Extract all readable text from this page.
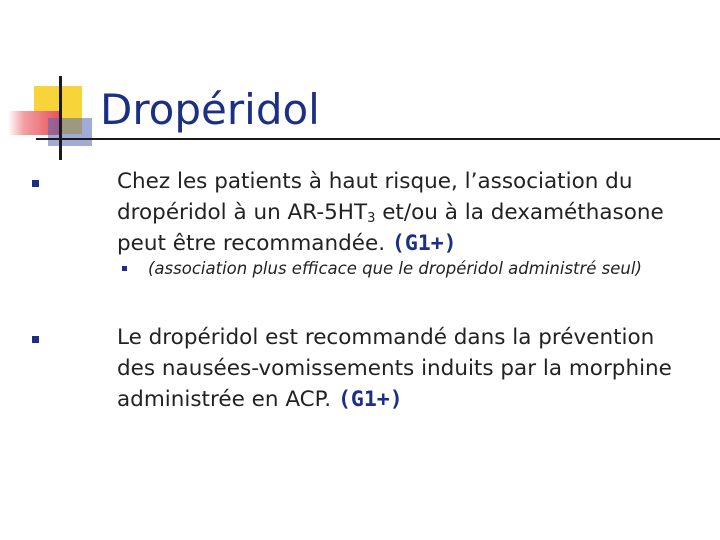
Dropéridol
Chez les patients à haut risque, l’association du dropéridol à un $AR-5HT_3$ et/ou à la dexaméthasone peut être recommandée. (G1+)
(association plus efficace que le dropéridol administré seul)
Le dropéridol est recommandé dans la prévention des nausées-vomissements induits par la morphine administrée en ACP. (G1+)
